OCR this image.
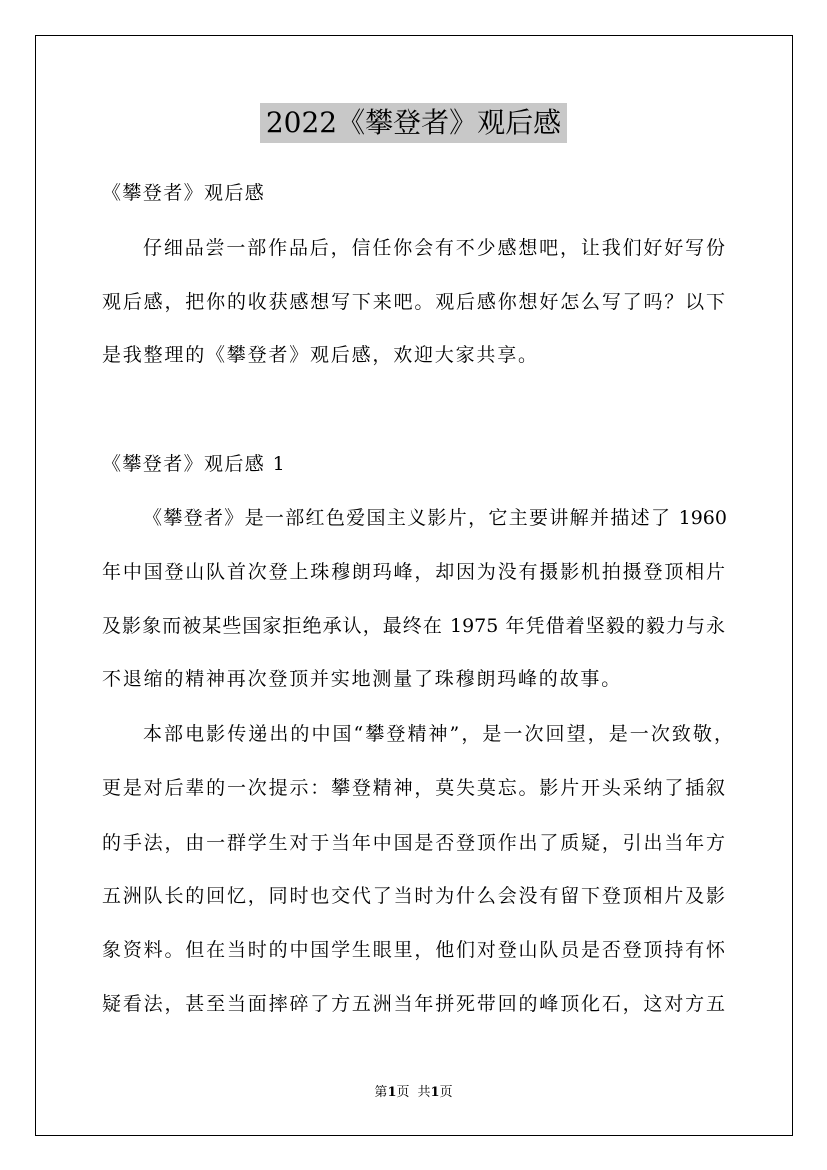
2022《攀登者》观后感
《攀登者》观后感
仔细品尝一部作品后，信任你会有不少感想吧，让我们好好写份
观后感，把你的收获感想写下来吧。观后感你想好怎么写了吗？以下
是我整理的《攀登者》观后感，欢迎大家共享。
《攀登者》观后感 1
《攀登者》是一部红色爱国主义影片，它主要讲解并描述了 1960
年中国登山队首次登上珠穆朗玛峰，却因为没有摄影机拍摄登顶相片
及影象而被某些国家拒绝承认，最终在 1975 年凭借着坚毅的毅力与永
不退缩的精神再次登顶并实地测量了珠穆朗玛峰的故事。
本部电影传递出的中国“攀登精神”，是一次回望，是一次致敬，
更是对后辈的一次提示：攀登精神，莫失莫忘。影片开头采纳了插叙
的手法，由一群学生对于当年中国是否登顶作出了质疑，引出当年方
五洲队长的回忆，同时也交代了当时为什么会没有留下登顶相片及影
象资料。但在当时的中国学生眼里，他们对登山队员是否登顶持有怀
疑看法，甚至当面摔碎了方五洲当年拼死带回的峰顶化石，这对方五
第1页 共1页
